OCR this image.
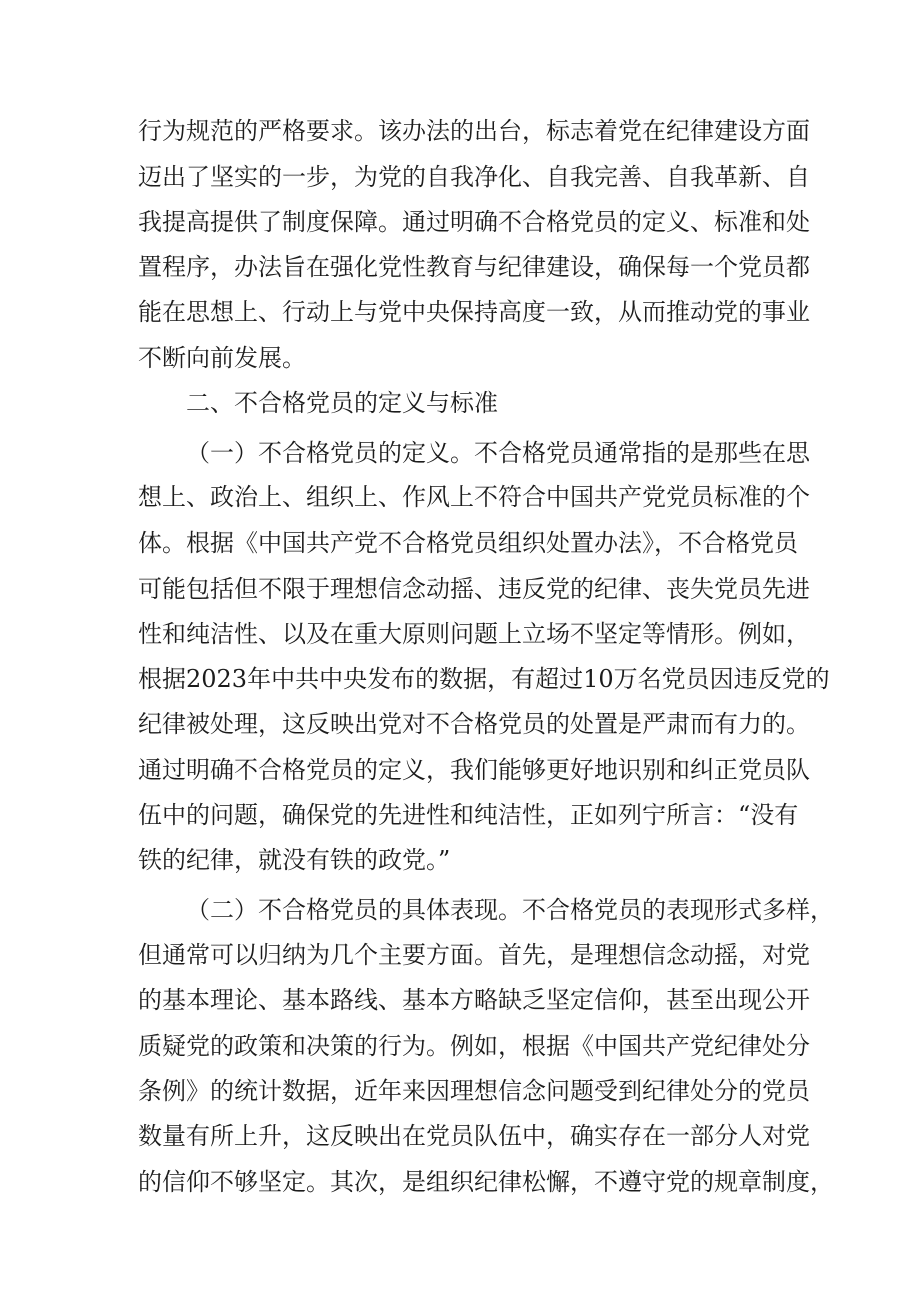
行为规范的严格要求。该办法的出台，标志着党在纪律建设方面
迈出了坚实的一步，为党的自我净化、自我完善、自我革新、自
我提高提供了制度保障。通过明确不合格党员的定义、标准和处
置程序，办法旨在强化党性教育与纪律建设，确保每一个党员都
能在思想上、行动上与党中央保持高度一致，从而推动党的事业
不断向前发展。
二、不合格党员的定义与标准
（一）不合格党员的定义。不合格党员通常指的是那些在思
想上、政治上、组织上、作风上不符合中国共产党党员标准的个
体。根据《中国共产党不合格党员组织处置办法》，不合格党员
可能包括但不限于理想信念动摇、违反党的纪律、丧失党员先进
性和纯洁性、以及在重大原则问题上立场不坚定等情形。例如，
根据2023年中共中央发布的数据，有超过10万名党员因违反党的
纪律被处理，这反映出党对不合格党员的处置是严肃而有力的。
通过明确不合格党员的定义，我们能够更好地识别和纠正党员队
伍中的问题，确保党的先进性和纯洁性，正如列宁所言：“没有
铁的纪律，就没有铁的政党。”
（二）不合格党员的具体表现。不合格党员的表现形式多样，
但通常可以归纳为几个主要方面。首先，是理想信念动摇，对党
的基本理论、基本路线、基本方略缺乏坚定信仰，甚至出现公开
质疑党的政策和决策的行为。例如，根据《中国共产党纪律处分
条例》的统计数据，近年来因理想信念问题受到纪律处分的党员
数量有所上升，这反映出在党员队伍中，确实存在一部分人对党
的信仰不够坚定。其次，是组织纪律松懈，不遵守党的规章制度，
